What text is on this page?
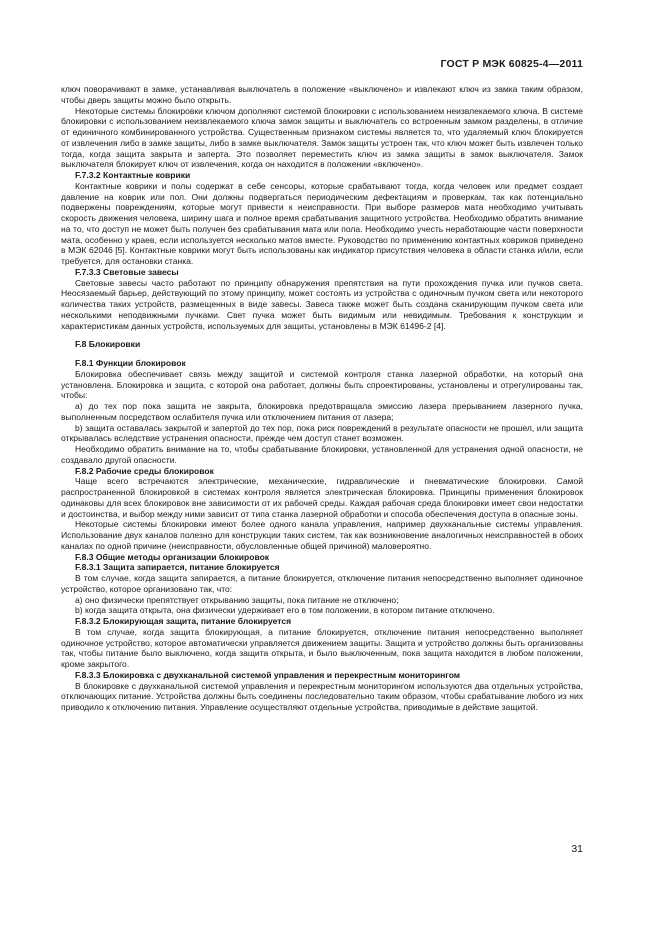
ГОСТ Р МЭК 60825-4—2011

ключ поворачивают в замке, устанавливая выключатель в положение «выключено» и извлекают ключ из замка таким образом, чтобы дверь защиты можно было открыть.

Некоторые системы блокировки ключом дополняют системой блокировки с использованием неизвлекаемого ключа. В системе блокировки с использованием неизвлекаемого ключа замок защиты и выключатель со встроенным замком разделены, в отличие от единичного комбинированного устройства. Существенным признаком системы является то, что удаляемый ключ блокируется от извлечения либо в замке защиты, либо в замке выключателя. Замок защиты устроен так, что ключ может быть извлечен только тогда, когда защита закрыта и заперта. Это позволяет переместить ключ из замка защиты в замок выключателя. Замок выключателя блокирует ключ от извлечения, когда он находится в положении «включено».

F.7.3.2 Контактные коврики

Контактные коврики и полы содержат в себе сенсоры, которые срабатывают тогда, когда человек или предмет создает давление на коврик или пол. Они должны подвергаться периодическим дефектациям и проверкам, так как потенциально подвержены повреждениям, которые могут привести к неисправности. При выборе размеров мата необходимо учитывать скорость движения человека, ширину шага и полное время срабатывания защитного устройства. Необходимо обратить внимание на то, что доступ не может быть получен без срабатывания мата или пола. Необходимо учесть неработающие части поверхности мата, особенно у краев, если используется несколько матов вместе. Руководство по применению контактных ковриков приведено в МЭК 62046 [5]. Контактные коврики могут быть использованы как индикатор присутствия человека в области станка и/или, если требуется, для остановки станка.

F.7.3.3 Световые завесы

Световые завесы часто работают по принципу обнаружения препятствия на пути прохождения пучка или пучков света. Неосязаемый барьер, действующий по этому принципу, может состоять из устройства с одиночным пучком света или некоторого количества таких устройств, размещенных в виде завесы. Завеса также может быть создана сканирующим пучком света или несколькими неподвижными пучками. Свет пучка может быть видимым или невидимым. Требования к конструкции и характеристикам данных устройств, используемых для защиты, установлены в МЭК 61496-2 [4].

F.8 Блокировки

F.8.1 Функции блокировок

Блокировка обеспечивает связь между защитой и системой контроля станка лазерной обработки, на который она установлена. Блокировка и защита, с которой она работает, должны быть спроектированы, установлены и отрегулированы так, чтобы:

а) до тех пор пока защита не закрыта, блокировка предотвращала эмиссию лазера прерыванием лазерного пучка, выполненным посредством ослабителя пучка или отключением питания от лазера;

b) защита оставалась закрытой и запертой до тех пор, пока риск повреждений в результате опасности не прошел, или защита открывалась вследствие устранения опасности, прежде чем доступ станет возможен.

Необходимо обратить внимание на то, чтобы срабатывание блокировки, установленной для устранения одной опасности, не создавало другой опасности.

F.8.2 Рабочие среды блокировок

Чаще всего встречаются электрические, механические, гидравлические и пневматические блокировки. Самой распространенной блокировкой в системах контроля является электрическая блокировка. Принципы применения блокировок одинаковы для всех блокировок вне зависимости от их рабочей среды. Каждая рабочая среда блокировки имеет свои недостатки и достоинства, и выбор между ними зависит от типа станка лазерной обработки и способа обеспечения доступа в опасные зоны.

Некоторые системы блокировки имеют более одного канала управления, например двухканальные системы управления. Использование двух каналов полезно для конструкции таких систем, так как возникновение аналогичных неисправностей в обоих каналах по одной причине (неисправности, обусловленные общей причиной) маловероятно.

F.8.3 Общие методы организации блокировок

F.8.3.1 Защита запирается, питание блокируется

В том случае, когда защита запирается, а питание блокируется, отключение питания непосредственно выполняет одиночное устройство, которое организовано так, что:

а) оно физически препятствует открыванию защиты, пока питание не отключено;

b) когда защита открыта, она физически удерживает его в том положении, в котором питание отключено.

F.8.3.2 Блокирующая защита, питание блокируется

В том случае, когда защита блокирующая, а питание блокируется, отключение питания непосредственно выполняет одиночное устройство, которое автоматически управляется движением защиты. Защита и устройство должны быть организованы так, чтобы питание было выключено, когда защита открыта, и было выключенным, пока защита находится в любом положении, кроме закрытого.

F.8.3.3 Блокировка с двухканальной системой управления и перекрестным мониторингом

В блокировке с двухканальной системой управления и перекрестным мониторингом используются два отдельных устройства, отключающих питание. Устройства должны быть соединены последовательно таким образом, чтобы срабатывание любого из них приводило к отключению питания. Управление осуществляют отдельные устройства, приводимые в действие защитой.

31
